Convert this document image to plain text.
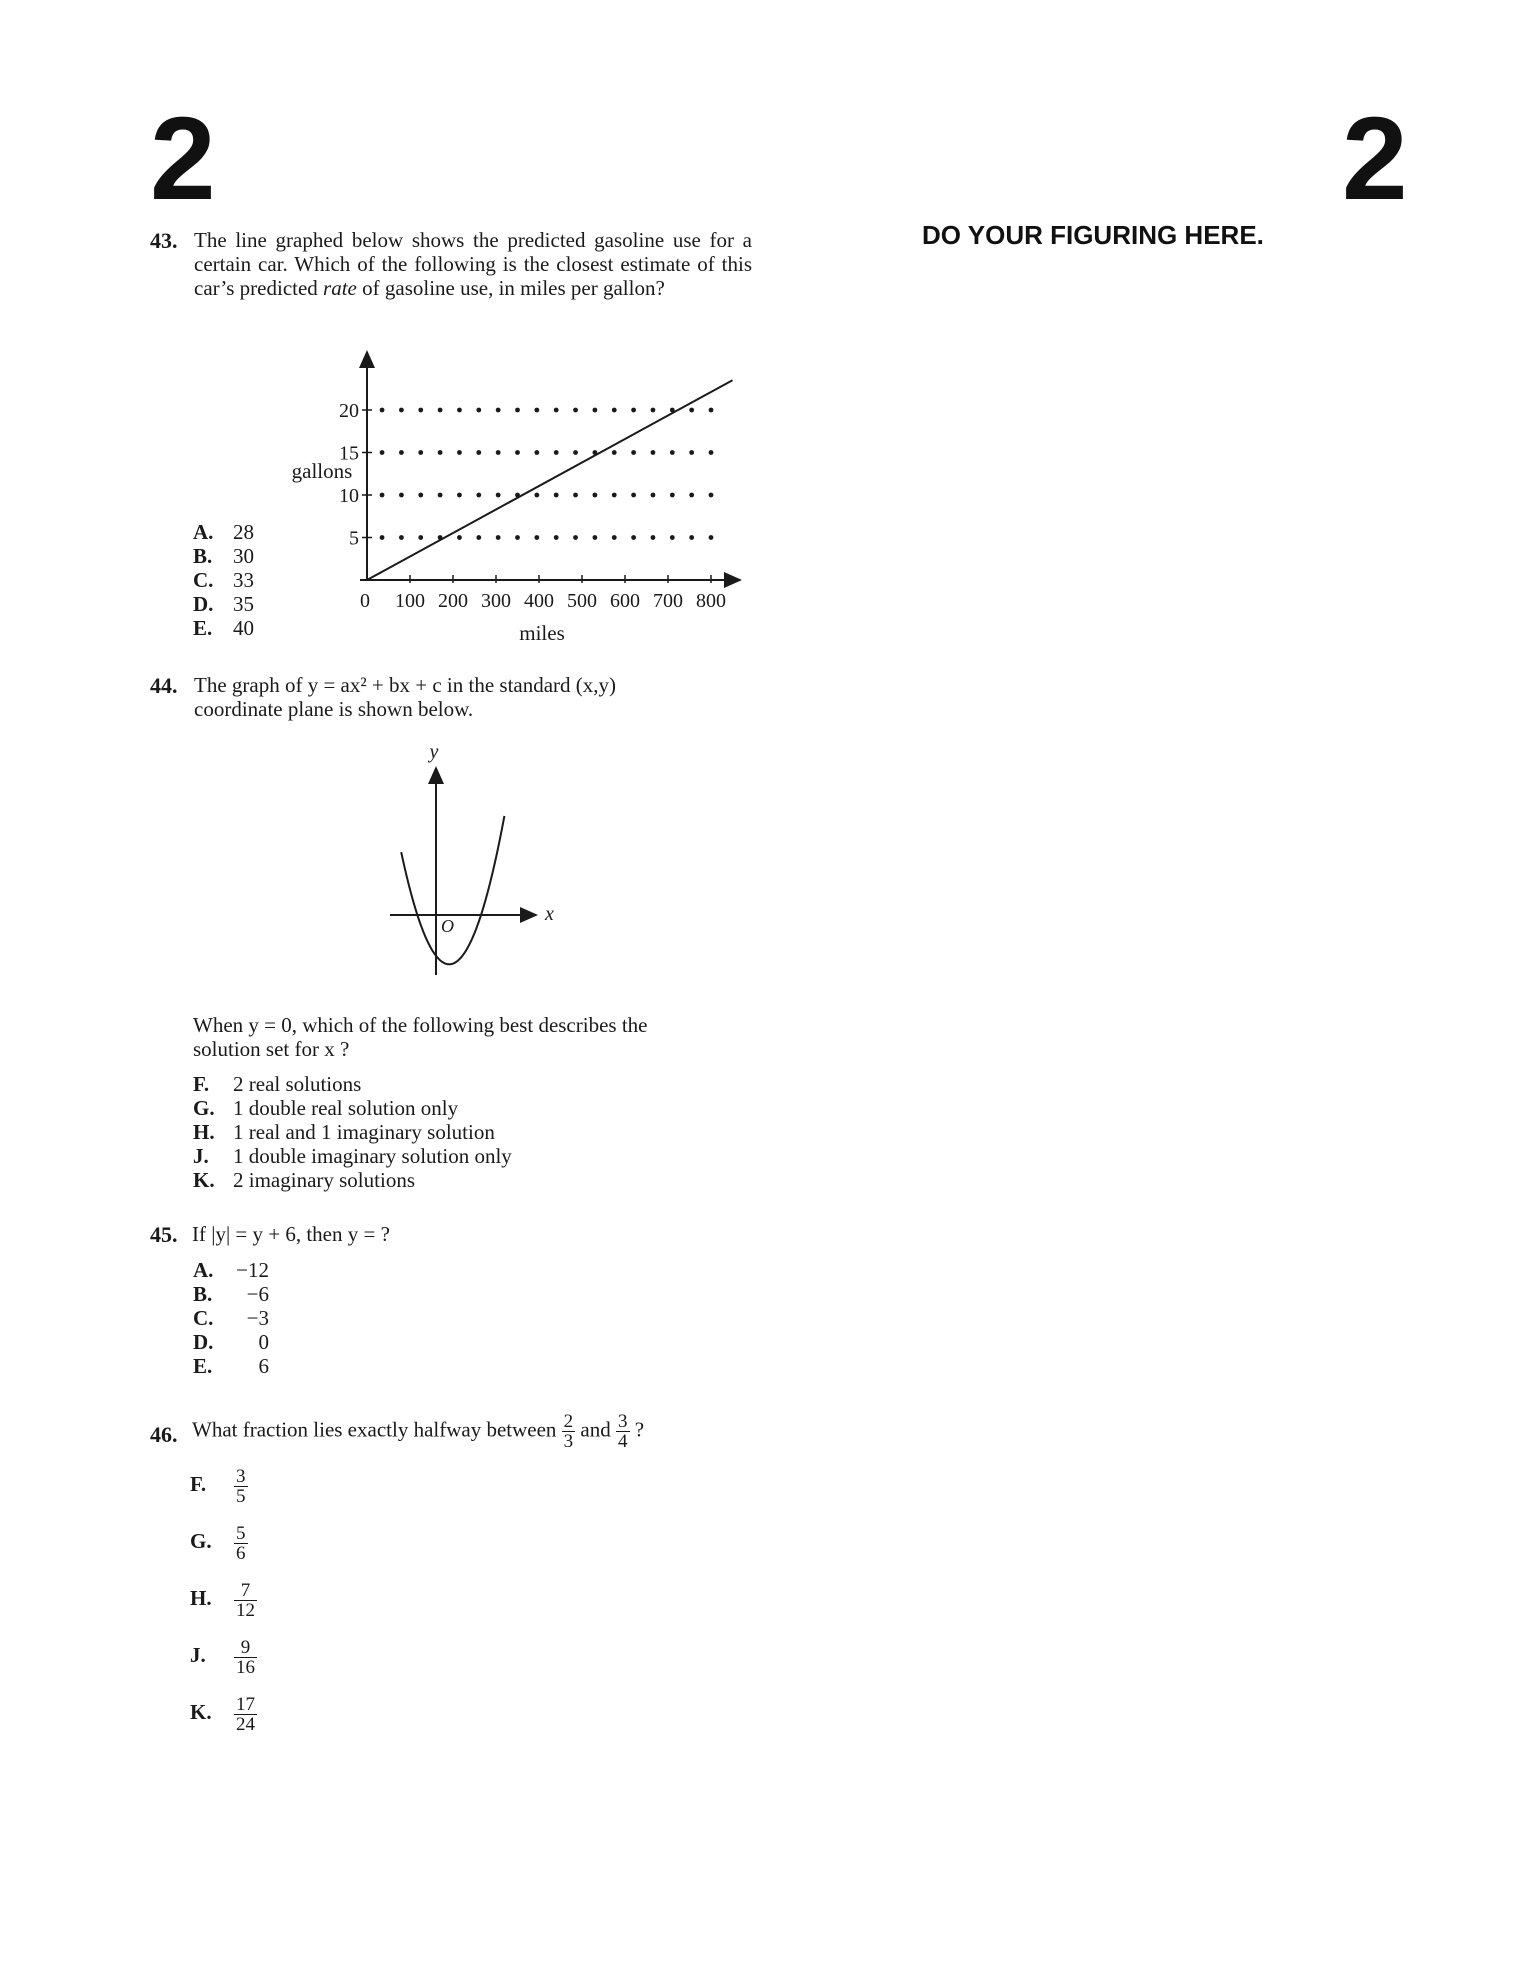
2	2
DO YOUR FIGURING HERE.
43. The line graphed below shows the predicted gasoline use for a certain car. Which of the following is the closest estimate of this car’s predicted rate of gasoline use, in miles per gallon?
A. 28
B. 30
C. 33
D. 35
E. 40
5
10
15
20
0 100 200 300 400 500 600 700 800
gallons
miles
44. The graph of y = ax² + bx + c in the standard (x,y)
coordinate plane is shown below.
y
x
O
When y = 0, which of the following best describes the
solution set for x ?
F. 2 real solutions
G. 1 double real solution only
H. 1 real and 1 imaginary solution
J. 1 double imaginary solution only
K. 2 imaginary solutions
45. If |y| = y + 6, then y = ?
A. −12
B. −6
C. −3
D. 0
E. 6
46. What fraction lies exactly halfway between $\frac{2}{3}$ and $\frac{3}{4}$ ?
F. $\frac{3}{5}$
G. $\frac{5}{6}$
H. $\frac{7}{12}$
J. $\frac{9}{16}$
K. $\frac{17}{24}$
